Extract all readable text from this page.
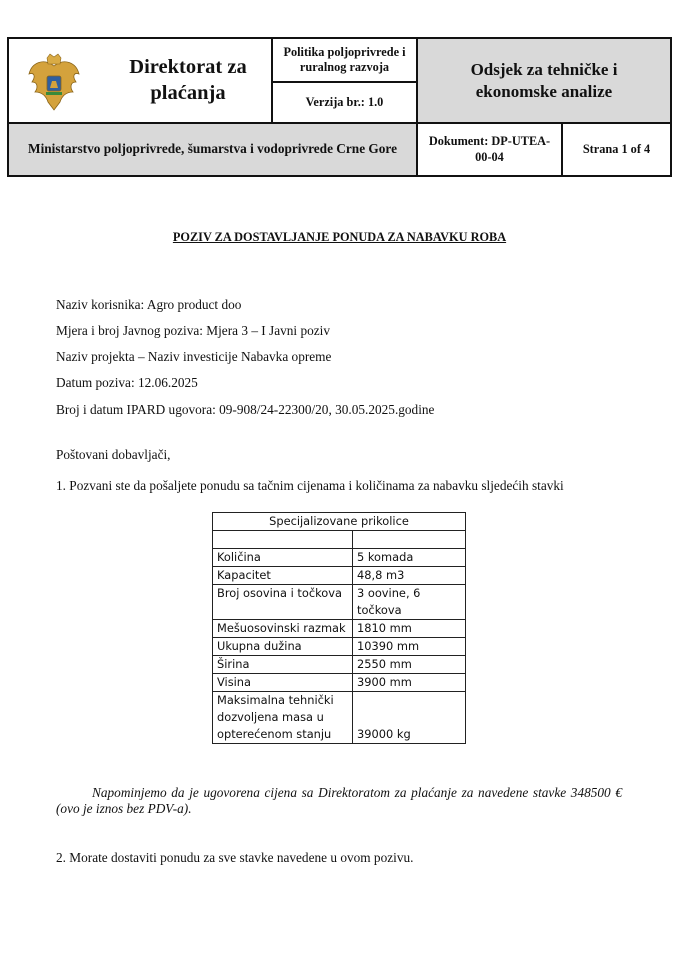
Odsjek za tehničke i ekonomske analize
Ministarstvo poljoprivrede, šumarstva i vodoprivrede Crne Gore
Direktorat za plaćanja
Politika poljoprivrede i ruralnog razvoja
Verzija br.: 1.0
Dokument: DP-UTEA-00-04
Strana 1 of 4
POZIV ZA DOSTAVLJANJE PONUDA ZA NABAVKU ROBA
Naziv korisnika: Agro product doo
Mjera i broj Javnog poziva: Mjera 3 – I Javni poziv
Naziv projekta – Naziv investicije Nabavka opreme
Datum poziva: 12.06.2025
Broj i datum IPARD ugovora: 09-908/24-22300/20, 30.05.2025.godine
Poštovani dobavljači,
1. Pozvani ste da pošaljete ponudu sa tačnim cijenama i količinama za nabavku sljedećih stavki
Specijalizovane prikolice	

Količina	5 komada
Kapacitet	48,8 m3
Broj osovina i točkova	3 oovine, 6 točkova
Mešuosovinski razmak	1810 mm
Ukupna dužina	10390 mm
Širina	2550 mm
Visina	3900 mm
Maksimalna tehnički dozvoljena masa u opterećenom stanju	39000 kg
Napominjemo da je ugovorena cijena sa Direktoratom za plaćanje za navedene stavke 348500 € (ovo je iznos bez PDV-a).
2. Morate dostaviti ponudu za sve stavke navedene u ovom pozivu.
